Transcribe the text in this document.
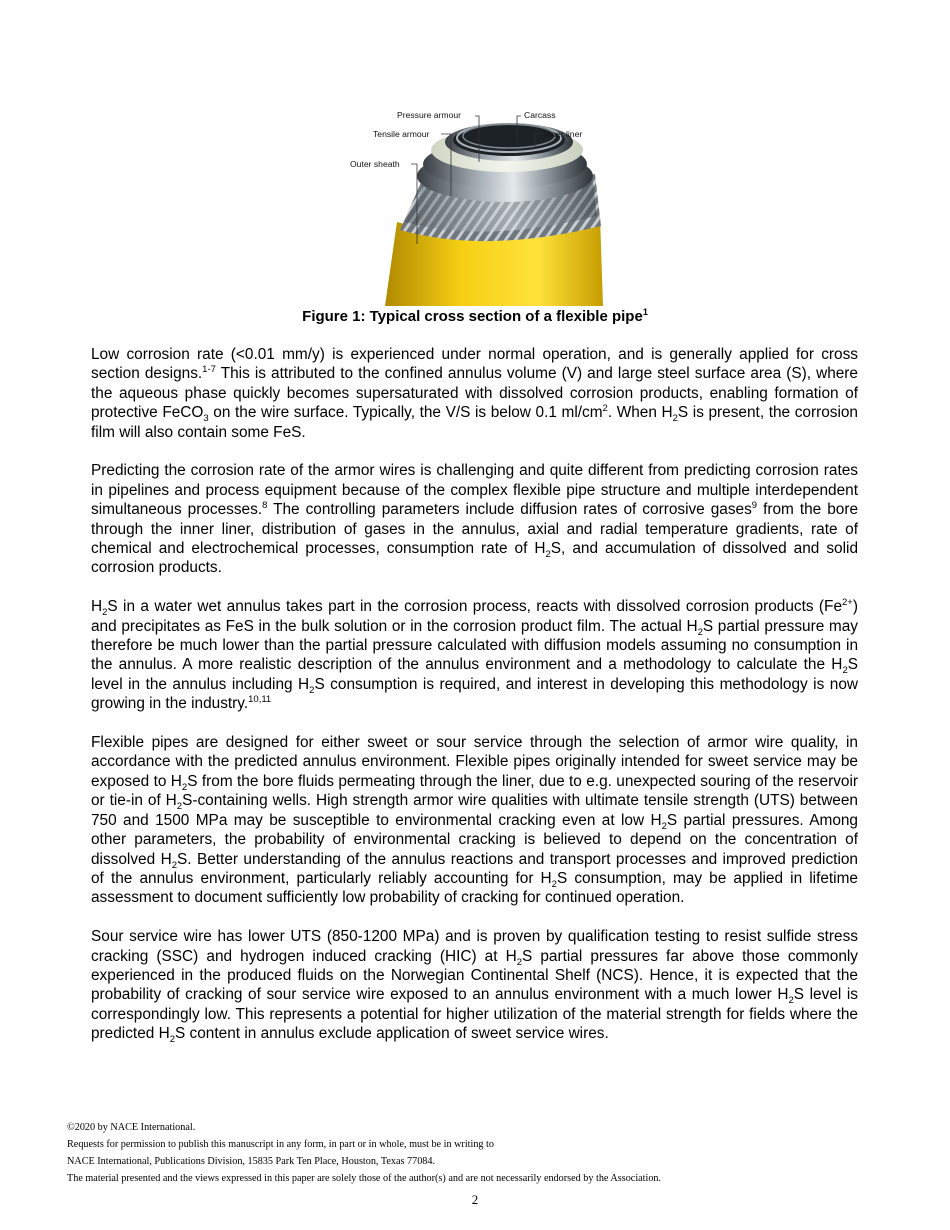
Pressure armour
Tensile armour
Outer sheath
Carcass
Inner liner
Figure 1: Typical cross section of a flexible pipe$^1$

Low corrosion rate (<0.01 mm/y) is experienced under normal operation, and is generally applied for cross section designs.$^{1-7}$ This is attributed to the confined annulus volume (V) and large steel surface area (S), where the aqueous phase quickly becomes supersaturated with dissolved corrosion products, enabling formation of protective FeCO$_3$ on the wire surface. Typically, the V/S is below 0.1 $ml/cm^2$. When $H_2S$ is present, the corrosion film will also contain some FeS.

Predicting the corrosion rate of the armor wires is challenging and quite different from predicting corrosion rates in pipelines and process equipment because of the complex flexible pipe structure and multiple interdependent simultaneous processes.$^8$ The controlling parameters include diffusion rates of corrosive gases$^9$ from the bore through the inner liner, distribution of gases in the annulus, axial and radial temperature gradients, rate of chemical and electrochemical processes, consumption rate of $H_2S$, and accumulation of dissolved and solid corrosion products.

$H_2S$ in a water wet annulus takes part in the corrosion process, reacts with dissolved corrosion products $(Fe^{2+})$ and precipitates as FeS in the bulk solution or in the corrosion product film. The actual $H_2S$ partial pressure may therefore be much lower than the partial pressure calculated with diffusion models assuming no consumption in the annulus. A more realistic description of the annulus environment and a methodology to calculate the $H_2S$ level in the annulus including $H_2S$ consumption is required, and interest in developing this methodology is now growing in the industry.$^{10,11}$

Flexible pipes are designed for either sweet or sour service through the selection of armor wire quality, in accordance with the predicted annulus environment. Flexible pipes originally intended for sweet service may be exposed to $H_2S$ from the bore fluids permeating through the liner, due to e.g. unexpected souring of the reservoir or tie-in of $H_2S$-containing wells. High strength armor wire qualities with ultimate tensile strength (UTS) between 750 and 1500 MPa may be susceptible to environmental cracking even at low $H_2S$ partial pressures. Among other parameters, the probability of environmental cracking is believed to depend on the concentration of dissolved $H_2S$. Better understanding of the annulus reactions and transport processes and improved prediction of the annulus environment, particularly reliably accounting for $H_2S$ consumption, may be applied in lifetime assessment to document sufficiently low probability of cracking for continued operation.

Sour service wire has lower UTS (850-1200 MPa) and is proven by qualification testing to resist sulfide stress cracking (SSC) and hydrogen induced cracking (HIC) at $H_2S$ partial pressures far above those commonly experienced in the produced fluids on the Norwegian Continental Shelf (NCS). Hence, it is expected that the probability of cracking of sour service wire exposed to an annulus environment with a much lower $H_2S$ level is correspondingly low. This represents a potential for higher utilization of the material strength for fields where the predicted $H_2S$ content in annulus exclude application of sweet service wires.

©2020 by NACE International.
Requests for permission to publish this manuscript in any form, in part or in whole, must be in writing to
NACE International, Publications Division, 15835 Park Ten Place, Houston, Texas 77084.
The material presented and the views expressed in this paper are solely those of the author(s) and are not necessarily endorsed by the Association.
2
